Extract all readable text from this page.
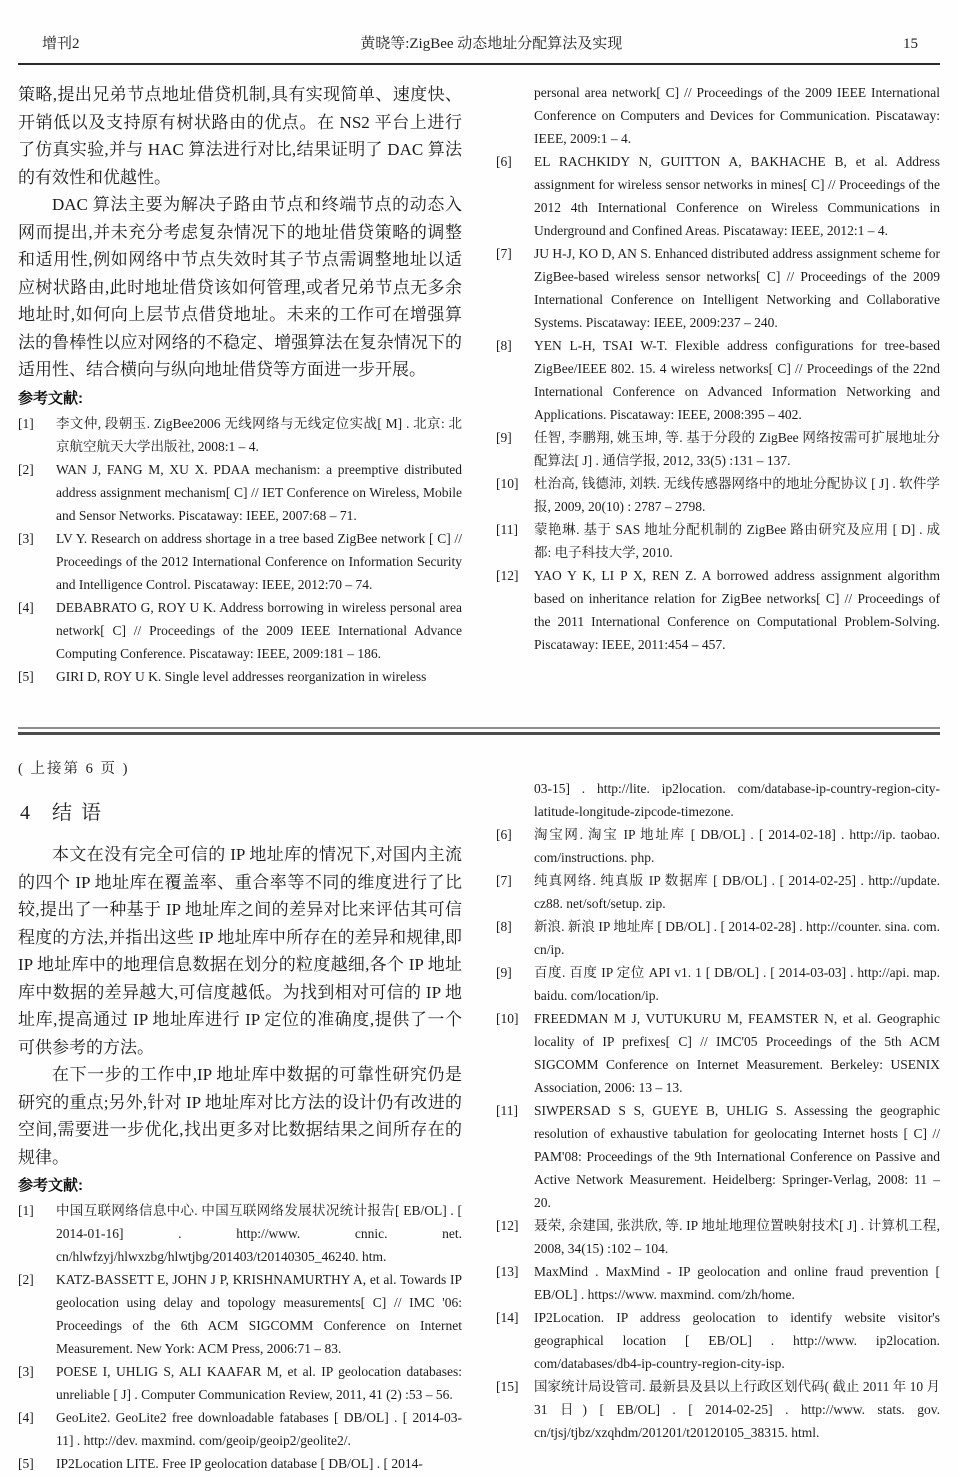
增刊2	黄晓等:ZigBee 动态地址分配算法及实现	15

策略,提出兄弟节点地址借贷机制,具有实现简单、速度快、开销低以及支持原有树状路由的优点。在 NS2 平台上进行了仿真实验,并与 HAC 算法进行对比,结果证明了 DAC 算法的有效性和优越性。

DAC 算法主要为解决子路由节点和终端节点的动态入网而提出,并未充分考虑复杂情况下的地址借贷策略的调整和适用性,例如网络中节点失效时其子节点需调整地址以适应树状路由,此时地址借贷该如何管理,或者兄弟节点无多余地址时,如何向上层节点借贷地址。未来的工作可在增强算法的鲁棒性以应对网络的不稳定、增强算法在复杂情况下的适用性、结合横向与纵向地址借贷等方面进一步开展。

参考文献:
[1]	李文仲, 段朝玉. ZigBee2006 无线网络与无线定位实战[ M] . 北京: 北京航空航天大学出版社, 2008:1 – 4.
[2]	WAN J, FANG M, XU X. PDAA mechanism: a preemptive distributed address assignment mechanism[ C] // IET Conference on Wireless, Mobile and Sensor Networks. Piscataway: IEEE, 2007:68 – 71.
[3]	LV Y. Research on address shortage in a tree based ZigBee network [ C] // Proceedings of the 2012 International Conference on Information Security and Intelligence Control. Piscataway: IEEE, 2012:70 – 74.
[4]	DEBABRATO G, ROY U K. Address borrowing in wireless personal area network[ C] // Proceedings of the 2009 IEEE International Advance Computing Conference. Piscataway: IEEE, 2009:181 – 186.
[5]	GIRI D, ROY U K. Single level addresses reorganization in wireless
personal area network[ C] // Proceedings of the 2009 IEEE International Conference on Computers and Devices for Communication. Piscataway: IEEE, 2009:1 – 4.
[6]	EL RACHKIDY N, GUITTON A, BAKHACHE B, et al. Address assignment for wireless sensor networks in mines[ C] // Proceedings of the 2012 4th International Conference on Wireless Communications in Underground and Confined Areas. Piscataway: IEEE, 2012:1 – 4.
[7]	JU H-J, KO D, AN S. Enhanced distributed address assignment scheme for ZigBee-based wireless sensor networks[ C] // Proceedings of the 2009 International Conference on Intelligent Networking and Collaborative Systems. Piscataway: IEEE, 2009:237 – 240.
[8]	YEN L-H, TSAI W-T. Flexible address configurations for tree-based ZigBee/IEEE 802. 15. 4 wireless networks[ C] // Proceedings of the 22nd International Conference on Advanced Information Networking and Applications. Piscataway: IEEE, 2008:395 – 402.
[9]	任智, 李鹏翔, 姚玉坤, 等. 基于分段的 ZigBee 网络按需可扩展地址分配算法[ J] . 通信学报, 2012, 33(5) :131 – 137.
[10]	杜治高, 钱德沛, 刘轶. 无线传感器网络中的地址分配协议 [ J] . 软件学报, 2009, 20(10) : 2787 – 2798.
[11]	蒙艳琳. 基于 SAS 地址分配机制的 ZigBee 路由研究及应用 [ D] . 成都: 电子科技大学, 2010.
[12]	YAO Y K, LI P X, REN Z. A borrowed address assignment algorithm based on inheritance relation for ZigBee networks[ C] // Proceedings of the 2011 International Conference on Computational Problem-Solving. Piscataway: IEEE, 2011:454 – 457.
( 上接第 6 页 )
4 结语

本文在没有完全可信的 IP 地址库的情况下,对国内主流的四个 IP 地址库在覆盖率、重合率等不同的维度进行了比较,提出了一种基于 IP 地址库之间的差异对比来评估其可信程度的方法,并指出这些 IP 地址库中所存在的差异和规律,即 IP 地址库中的地理信息数据在划分的粒度越细,各个 IP 地址库中数据的差异越大,可信度越低。为找到相对可信的 IP 地址库,提高通过 IP 地址库进行 IP 定位的准确度,提供了一个可供参考的方法。

在下一步的工作中,IP 地址库中数据的可靠性研究仍是研究的重点;另外,针对 IP 地址库对比方法的设计仍有改进的空间,需要进一步优化,找出更多对比数据结果之间所存在的规律。

参考文献:
[1]	中国互联网络信息中心. 中国互联网络发展状况统计报告[ EB/OL] . [ 2014-01-16] . http://www. cnnic. net. cn/hlwfzyj/hlwxzbg/hlwtjbg/201403/t20140305_46240. htm.
[2]	KATZ-BASSETT E, JOHN J P, KRISHNAMURTHY A, et al. Towards IP geolocation using delay and topology measurements[ C] // IMC '06: Proceedings of the 6th ACM SIGCOMM Conference on Internet Measurement. New York: ACM Press, 2006:71 – 83.
[3]	POESE I, UHLIG S, ALI KAAFAR M, et al. IP geolocation databases: unreliable [ J] . Computer Communication Review, 2011, 41 (2) :53 – 56.
[4]	GeoLite2. GeoLite2 free downloadable fatabases [ DB/OL] . [ 2014-03-11] . http://dev. maxmind. com/geoip/geoip2/geolite2/.
[5]	IP2Location LITE. Free IP geolocation database [ DB/OL] . [ 2014-
03-15] . http://lite. ip2location. com/database-ip-country-region-city-latitude-longitude-zipcode-timezone.
[6]	淘宝网. 淘宝 IP 地址库 [ DB/OL] . [ 2014-02-18] . http://ip. taobao. com/instructions. php.
[7]	纯真网络. 纯真版 IP 数据库 [ DB/OL] . [ 2014-02-25] . http://update. cz88. net/soft/setup. zip.
[8]	新浪. 新浪 IP 地址库 [ DB/OL] . [ 2014-02-28] . http://counter. sina. com. cn/ip.
[9]	百度. 百度 IP 定位 API v1. 1 [ DB/OL] . [ 2014-03-03] . http://api. map. baidu. com/location/ip.
[10]	FREEDMAN M J, VUTUKURU M, FEAMSTER N, et al. Geographic locality of IP prefixes[ C] // IMC'05 Proceedings of the 5th ACM SIGCOMM Conference on Internet Measurement. Berkeley: USENIX Association, 2006: 13 – 13.
[11]	SIWPERSAD S S, GUEYE B, UHLIG S. Assessing the geographic resolution of exhaustive tabulation for geolocating Internet hosts [ C] // PAM'08: Proceedings of the 9th International Conference on Passive and Active Network Measurement. Heidelberg: Springer-Verlag, 2008: 11 – 20.
[12]	聂荣, 余建国, 张洪欣, 等. IP 地址地理位置映射技术[ J] . 计算机工程, 2008, 34(15) :102 – 104.
[13]	MaxMind . MaxMind - IP geolocation and online fraud prevention [ EB/OL] . https://www. maxmind. com/zh/home.
[14]	IP2Location. IP address geolocation to identify website visitor's geographical location [ EB/OL] . http://www. ip2location. com/databases/db4-ip-country-region-city-isp.
[15]	国家统计局设管司. 最新县及县以上行政区划代码( 截止 2011 年 10 月 31 日) [ EB/OL] . [ 2014-02-25] . http://www. stats. gov. cn/tjsj/tjbz/xzqhdm/201201/t20120105_38315. html.
